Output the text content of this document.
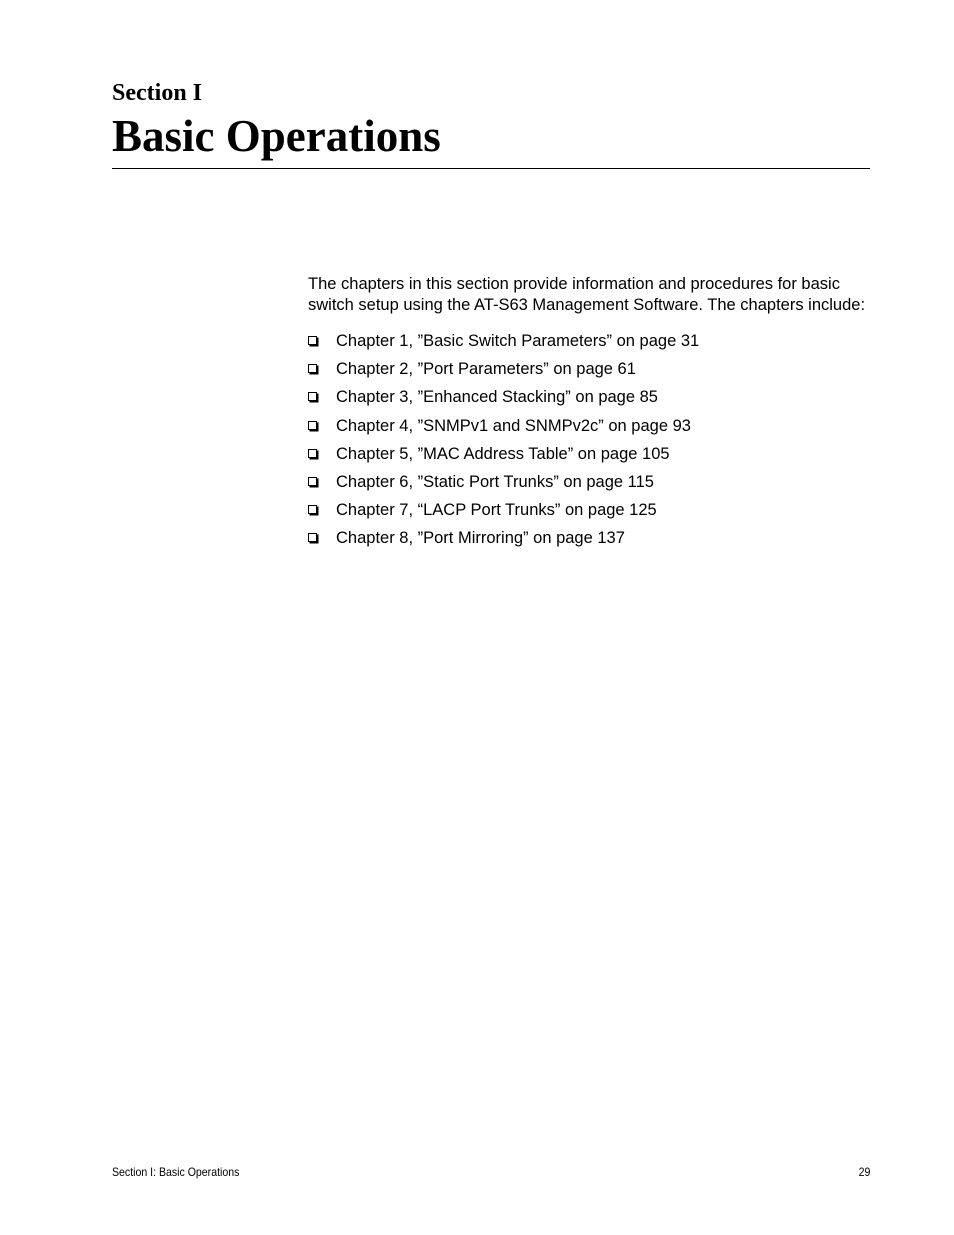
Section I
Basic Operations

The chapters in this section provide information and procedures for basic switch setup using the AT-S63 Management Software. The chapters include:

Chapter 1, ”Basic Switch Parameters” on page 31
Chapter 2, ”Port Parameters” on page 61
Chapter 3, ”Enhanced Stacking” on page 85
Chapter 4, ”SNMPv1 and SNMPv2c” on page 93
Chapter 5, ”MAC Address Table” on page 105
Chapter 6, ”Static Port Trunks” on page 115
Chapter 7, “LACP Port Trunks” on page 125
Chapter 8, ”Port Mirroring” on page 137
Section I: Basic Operations	29
